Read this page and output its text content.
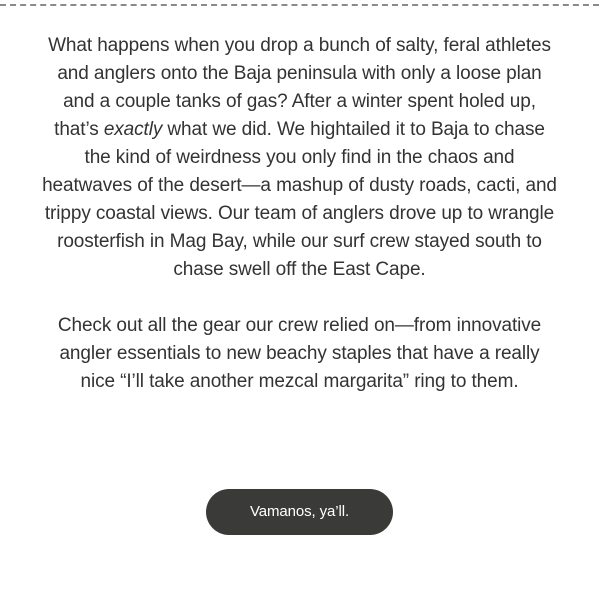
What happens when you drop a bunch of salty, feral athletes and anglers onto the Baja peninsula with only a loose plan and a couple tanks of gas? After a winter spent holed up, that’s exactly what we did. We hightailed it to Baja to chase the kind of weirdness you only find in the chaos and heatwaves of the desert—a mashup of dusty roads, cacti, and trippy coastal views. Our team of anglers drove up to wrangle roosterfish in Mag Bay, while our surf crew stayed south to chase swell off the East Cape.

Check out all the gear our crew relied on—from innovative angler essentials to new beachy staples that have a really nice “I’ll take another mezcal margarita” ring to them.

Vamanos, ya’ll.
